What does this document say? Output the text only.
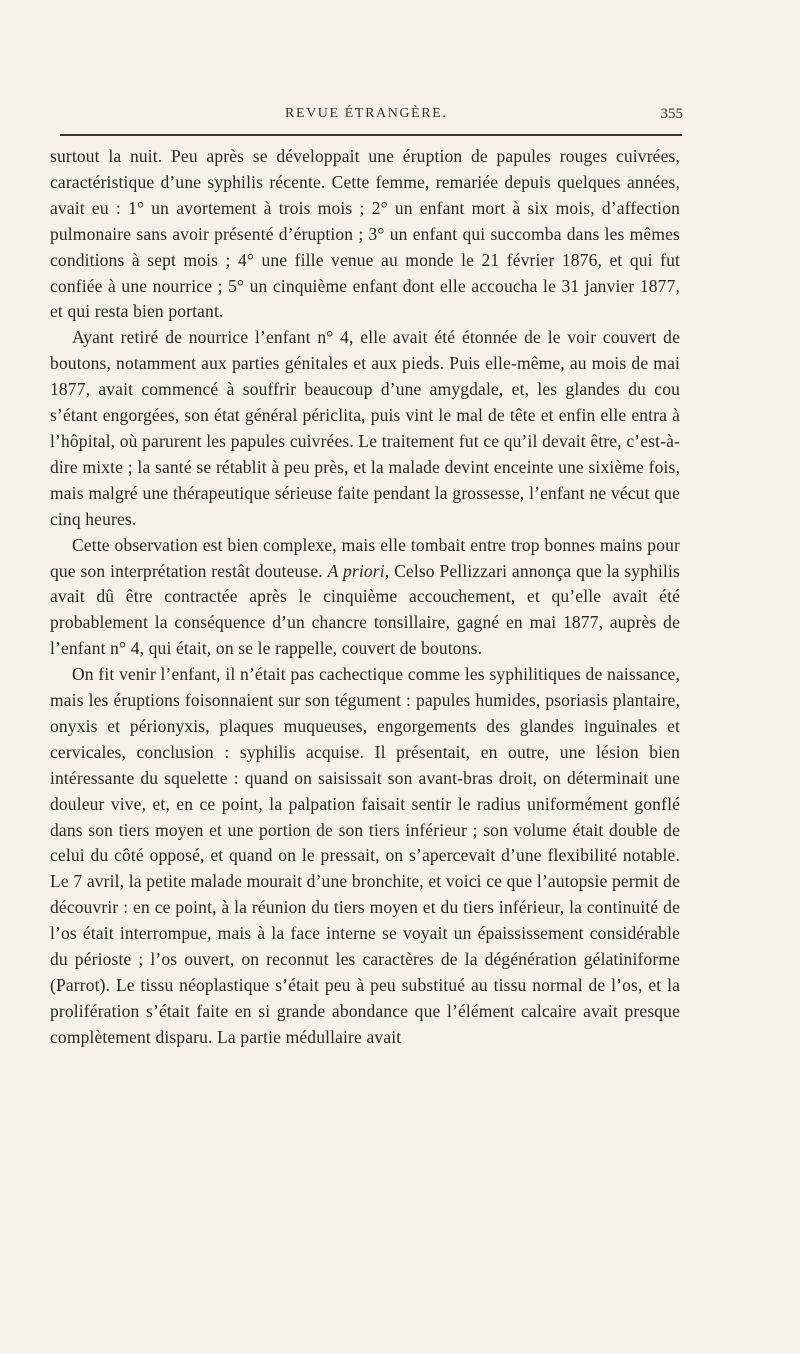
REVUE ÉTRANGÈRE.	355

surtout la nuit. Peu après se développait une éruption de papules rouges cuivrées, caractéristique d’une syphilis récente. Cette femme, remariée depuis quelques années, avait eu : 1° un avortement à trois mois ; 2° un enfant mort à six mois, d’affection pulmonaire sans avoir présenté d’éruption ; 3° un enfant qui succomba dans les mêmes conditions à sept mois ; 4° une fille venue au monde le 21 février 1876, et qui fut confiée à une nourrice ; 5° un cinquième enfant dont elle accoucha le 31 janvier 1877, et qui resta bien portant.

Ayant retiré de nourrice l’enfant n° 4, elle avait été étonnée de le voir couvert de boutons, notamment aux parties génitales et aux pieds. Puis elle-même, au mois de mai 1877, avait commencé à souffrir beaucoup d’une amygdale, et, les glandes du cou s’étant engorgées, son état général périclita, puis vint le mal de tête et enfin elle entra à l’hôpital, où parurent les papules cuivrées. Le traitement fut ce qu’il devait être, c’est-à-dire mixte ; la santé se rétablit à peu près, et la malade devint enceinte une sixième fois, mais malgré une thérapeutique sérieuse faite pendant la grossesse, l’enfant ne vécut que cinq heures.

Cette observation est bien complexe, mais elle tombait entre trop bonnes mains pour que son interprétation restât douteuse. A priori, Celso Pellizzari annonça que la syphilis avait dû être contractée après le cinquième accouchement, et qu’elle avait été probablement la conséquence d’un chancre tonsillaire, gagné en mai 1877, auprès de l’enfant n° 4, qui était, on se le rappelle, couvert de boutons.

On fit venir l’enfant, il n’était pas cachectique comme les syphilitiques de naissance, mais les éruptions foisonnaient sur son tégument : papules humides, psoriasis plantaire, onyxis et périonyxis, plaques muqueuses, engorgements des glandes inguinales et cervicales, conclusion : syphilis acquise. Il présentait, en outre, une lésion bien intéressante du squelette : quand on saisissait son avant-bras droit, on déterminait une douleur vive, et, en ce point, la palpation faisait sentir le radius uniformément gonflé dans son tiers moyen et une portion de son tiers inférieur ; son volume était double de celui du côté opposé, et quand on le pressait, on s’apercevait d’une flexibilité notable. Le 7 avril, la petite malade mourait d’une bronchite, et voici ce que l’autopsie permit de découvrir : en ce point, à la réunion du tiers moyen et du tiers inférieur, la continuité de l’os était interrompue, mais à la face interne se voyait un épaississement considérable du périoste ; l’os ouvert, on reconnut les caractères de la dégénération gélatiniforme (Parrot). Le tissu néoplastique s’était peu à peu substitué au tissu normal de l’os, et la prolifération s’était faite en si grande abondance que l’élément calcaire avait presque complètement disparu. La partie médullaire avait
